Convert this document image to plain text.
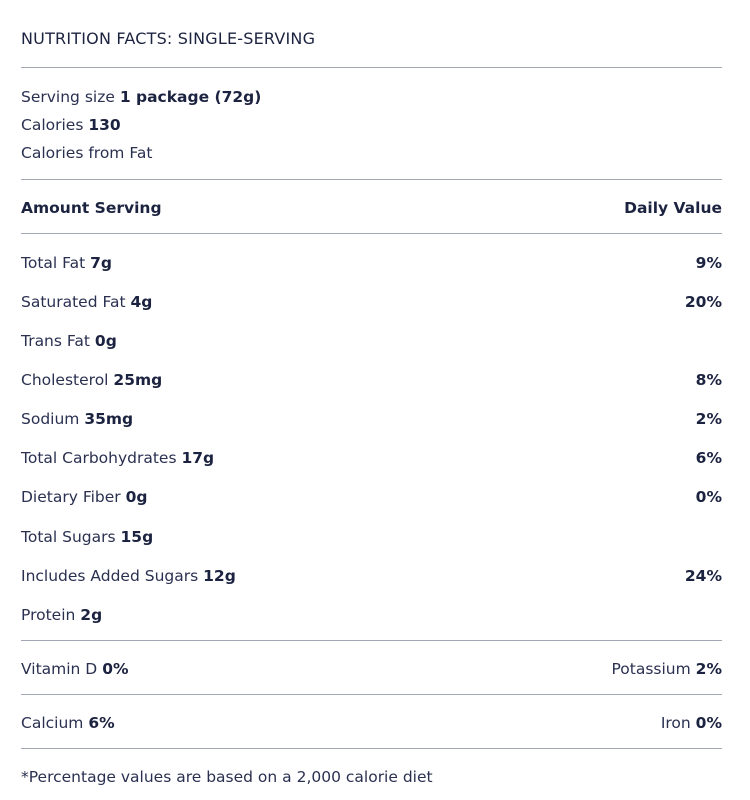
NUTRITION FACTS: SINGLE-SERVING
Serving size 1 package (72g)
Calories 130
Calories from Fat
Amount Serving	Daily Value
Total Fat 7g	9%
Saturated Fat 4g	20%
Trans Fat 0g
Cholesterol 25mg	8%
Sodium 35mg	2%
Total Carbohydrates 17g	6%
Dietary Fiber 0g	0%
Total Sugars 15g
Includes Added Sugars 12g	24%
Protein 2g
Vitamin D 0%	Potassium 2%
Calcium 6%	Iron 0%
*Percentage values are based on a 2,000 calorie diet
